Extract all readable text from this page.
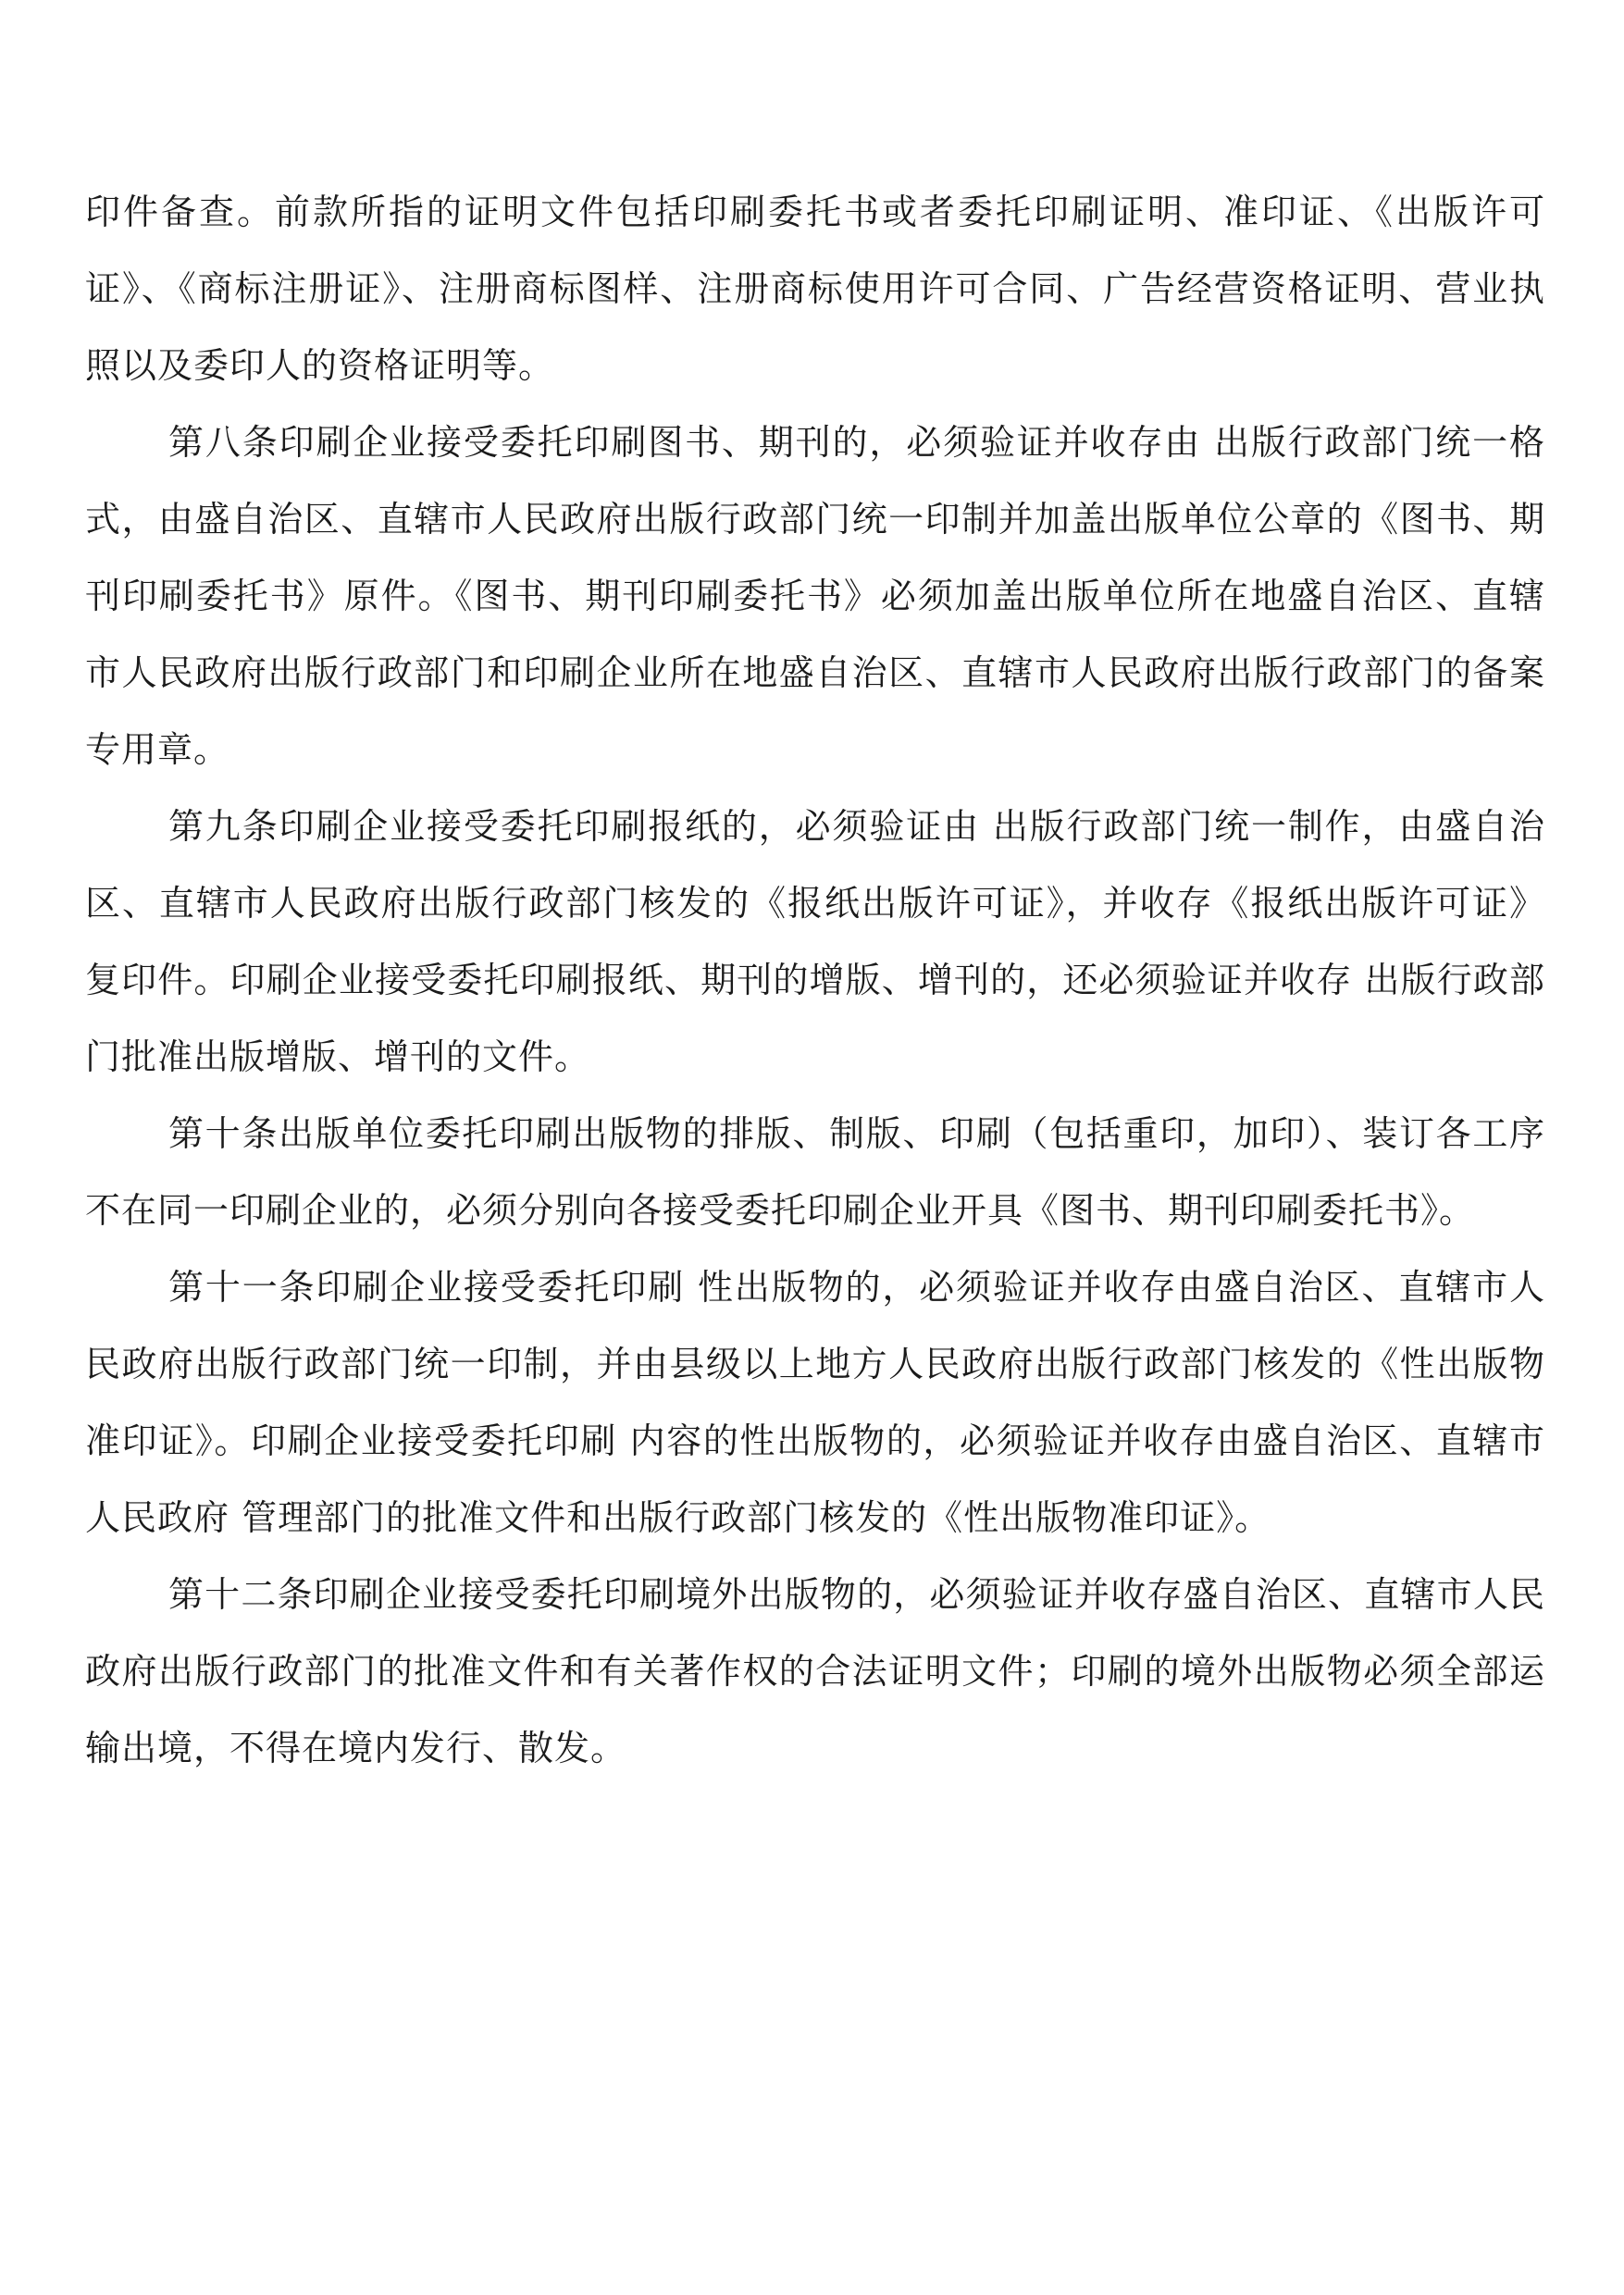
印件备查。前款所指的证明文件包括印刷委托书或者委托印刷证明、准印证、《出版许可证》、《商标注册证》、注册商标图样、注册商标使用许可合同、广告经营资格证明、营业执照以及委印人的资格证明等。

第八条印刷企业接受委托印刷图书、期刊的，必须验证并收存由 出版行政部门统一格式，由盛自治区、直辖市人民政府出版行政部门统一印制并加盖出版单位公章的《图书、期刊印刷委托书》原件。《图书、期刊印刷委托书》必须加盖出版单位所在地盛自治区、直辖市人民政府出版行政部门和印刷企业所在地盛自治区、直辖市人民政府出版行政部门的备案专用章。

第九条印刷企业接受委托印刷报纸的，必须验证由 出版行政部门统一制作，由盛自治区、直辖市人民政府出版行政部门核发的《报纸出版许可证》，并收存《报纸出版许可证》复印件。印刷企业接受委托印刷报纸、期刊的增版、增刊的，还必须验证并收存 出版行政部门批准出版增版、增刊的文件。

第十条出版单位委托印刷出版物的排版、制版、印刷（包括重印，加印）、装订各工序不在同一印刷企业的，必须分别向各接受委托印刷企业开具《图书、期刊印刷委托书》。

第十一条印刷企业接受委托印刷 性出版物的，必须验证并收存由盛自治区、直辖市人民政府出版行政部门统一印制，并由县级以上地方人民政府出版行政部门核发的《性出版物准印证》。印刷企业接受委托印刷 内容的性出版物的，必须验证并收存由盛自治区、直辖市人民政府 管理部门的批准文件和出版行政部门核发的《性出版物准印证》。

第十二条印刷企业接受委托印刷境外出版物的，必须验证并收存盛自治区、直辖市人民政府出版行政部门的批准文件和有关著作权的合法证明文件；印刷的境外出版物必须全部运输出境，不得在境内发行、散发。
